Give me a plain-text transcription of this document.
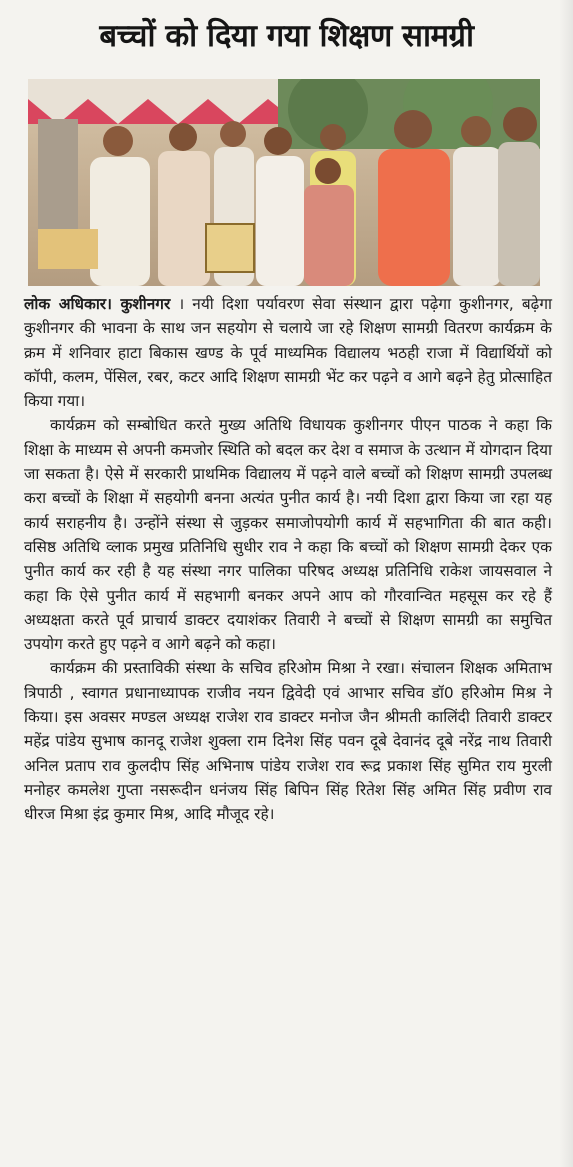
बच्चों को दिया गया शिक्षण सामग्री

लोक अधिकार। कुशीनगर । नयी दिशा पर्यावरण सेवा संस्थान द्वारा पढ़ेगा कुशीनगर, बढ़ेगा कुशीनगर की भावना के साथ जन सहयोग से चलाये जा रहे शिक्षण सामग्री वितरण कार्यक्रम के क्रम में शनिवार हाटा बिकास खण्ड के पूर्व माध्यमिक विद्यालय भठही राजा में विद्यार्थियों को कॉपी, कलम, पेंसिल, रबर, कटर आदि शिक्षण सामग्री भेंट कर पढ़ने व आगे बढ़ने हेतु प्रोत्साहित किया गया।

कार्यक्रम को सम्बोधित करते मुख्य अतिथि विधायक कुशीनगर पीएन पाठक ने कहा कि शिक्षा के माध्यम से अपनी कमजोर स्थिति को बदल कर देश व समाज के उत्थान में योगदान दिया जा सकता है। ऐसे में सरकारी प्राथमिक विद्यालय में पढ़ने वाले बच्चों को शिक्षण सामग्री उपलब्ध करा बच्चों के शिक्षा में सहयोगी बनना अत्यंत पुनीत कार्य है। नयी दिशा द्वारा किया जा रहा यह कार्य सराहनीय है। उन्होंने संस्था से जुड़कर समाजोपयोगी कार्य में सहभागिता की बात कही। वसिष्ठ अतिथि व्लाक प्रमुख प्रतिनिधि सुधीर राव ने कहा कि बच्चों को शिक्षण सामग्री देकर एक पुनीत कार्य कर रही है यह संस्था नगर पालिका परिषद अध्यक्ष प्रतिनिधि राकेश जायसवाल ने कहा कि ऐसे पुनीत कार्य में सहभागी बनकर अपने आप को गौरवान्वित महसूस कर रहे हैं अध्यक्षता करते पूर्व प्राचार्य डाक्टर दयाशंकर तिवारी ने बच्चों से शिक्षण सामग्री का समुचित उपयोग करते हुए पढ़ने व आगे बढ़ने को कहा।

कार्यक्रम की प्रस्ताविकी संस्था के सचिव हरिओम मिश्रा ने रखा। संचालन शिक्षक अमिताभ त्रिपाठी , स्वागत प्रधानाध्यापक राजीव नयन द्विवेदी एवं आभार सचिव डॉ0 हरिओम मिश्र ने किया। इस अवसर मण्डल अध्यक्ष राजेश राव डाक्टर मनोज जैन श्रीमती कालिंदी तिवारी डाक्टर महेंद्र पांडेय सुभाष कानदू राजेश शुक्ला राम दिनेश सिंह पवन दूबे देवानंद दूबे नरेंद्र नाथ तिवारी अनिल प्रताप राव कुलदीप सिंह अभिनाष पांडेय राजेश राव रूद्र प्रकाश सिंह सुमित राय मुरली मनोहर कमलेश गुप्ता नसरूदीन धनंजय सिंह बिपिन सिंह रितेश सिंह अमित सिंह प्रवीण राव धीरज मिश्रा इंद्र कुमार मिश्र, आदि मौजूद रहे।
